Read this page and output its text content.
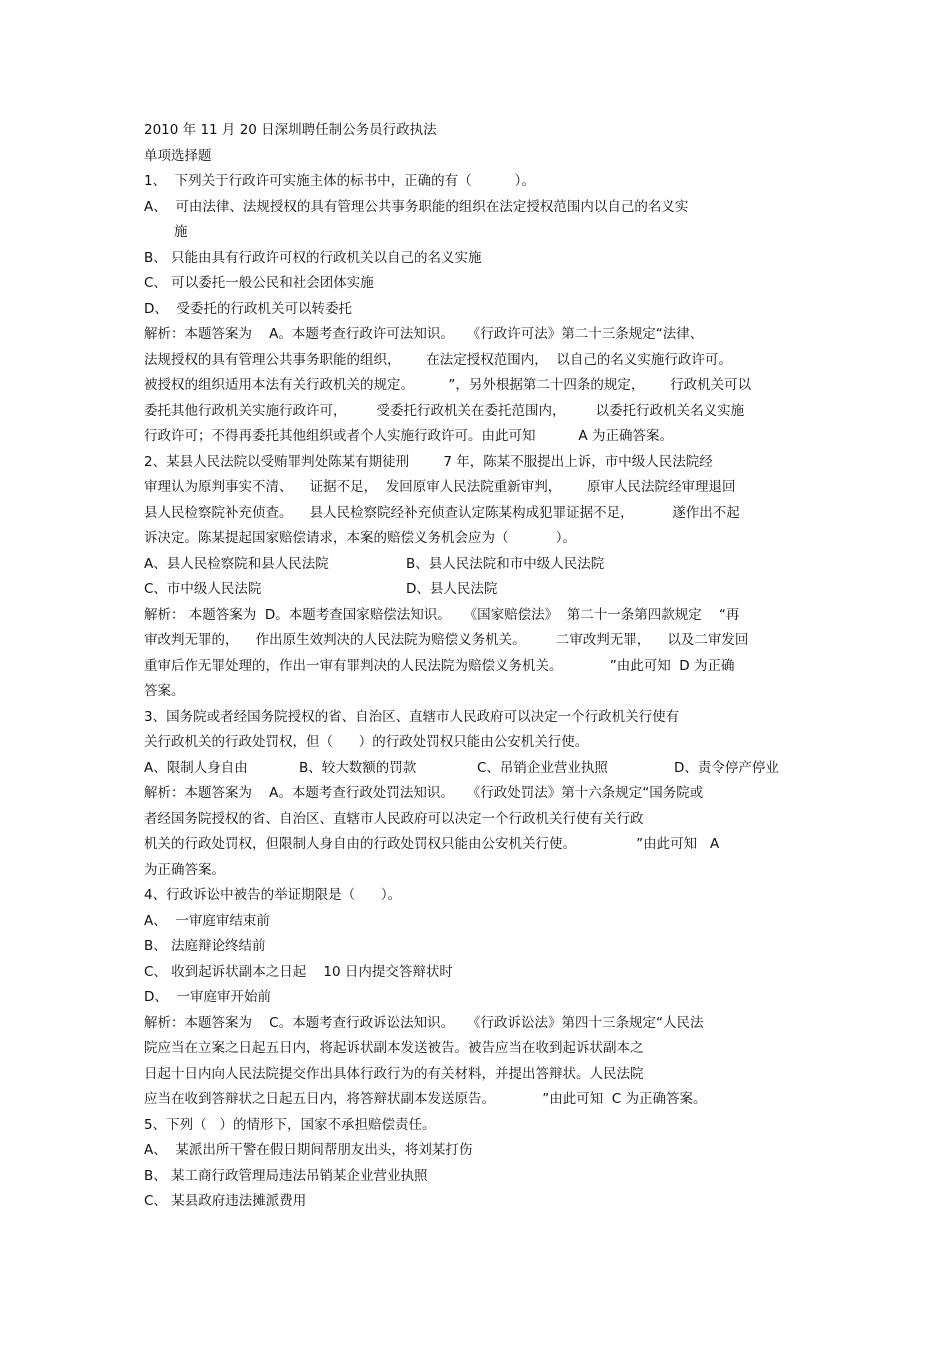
2010 年 11 月 20 日深圳聘任制公务员行政执法

单项选择题
1、  下列关于行政许可实施主体的标书中，正确的有（          ）。
A、  可由法律、法规授权的具有管理公共事务职能的组织在法定授权范围内以自己的名义实
施
B、 只能由具有行政许可权的行政机关以自己的名义实施
C、 可以委托一般公民和社会团体实施
D、  受委托的行政机关可以转委托
解析：本题答案为    A。本题考查行政许可法知识。   《行政许可法》第二十三条规定“法律、
法规授权的具有管理公共事务职能的组织，      在法定授权范围内，  以自己的名义实施行政许可。
被授权的组织适用本法有关行政机关的规定。        ”，另外根据第二十四条的规定，      行政机关可以
委托其他行政机关实施行政许可，       受委托行政机关在委托范围内，       以委托行政机关名义实施
行政许可；不得再委托其他组织或者个人实施行政许可。由此可知          A 为正确答案。
2、某县人民法院以受贿罪判处陈某有期徒刑        7 年，陈某不服提出上诉，市中级人民法院经
审理认为原判事实不清、    证据不足，  发回原审人民法院重新审判，      原审人民法院经审理退回
县人民检察院补充侦查。    县人民检察院经补充侦查认定陈某构成犯罪证据不足，         遂作出不起
诉决定。陈某提起国家赔偿请求，本案的赔偿义务机会应为（           ）。
A、县人民检察院和县人民法院	B、县人民法院和市中级人民法院
C、市中级人民法院	D、县人民法院
解析： 本题答案为  D。本题考查国家赔偿法知识。   《国家赔偿法》  第二十一条第四款规定    “再
审改判无罪的，    作出原生效判决的人民法院为赔偿义务机关。       二审改判无罪，    以及二审发回
重审后作无罪处理的，作出一审有罪判决的人民法院为赔偿义务机关。           ”由此可知  D 为正确
答案。
3、国务院或者经国务院授权的省、自治区、直辖市人民政府可以决定一个行政机关行使有
关行政机关的行政处罚权，但（      ）的行政处罚权只能由公安机关行使。
A、限制人身自由	B、较大数额的罚款	C、吊销企业营业执照	D、责令停产停业
解析：本题答案为    A。本题考查行政处罚法知识。   《行政处罚法》第十六条规定“国务院或
者经国务院授权的省、自治区、直辖市人民政府可以决定一个行政机关行使有关行政
机关的行政处罚权，但限制人身自由的行政处罚权只能由公安机关行使。              ”由此可知   A
为正确答案。
4、行政诉讼中被告的举证期限是（      ）。
A、  一审庭审结束前
B、 法庭辩论终结前
C、 收到起诉状副本之日起    10 日内提交答辩状时
D、  一审庭审开始前
解析：本题答案为    C。本题考查行政诉讼法知识。   《行政诉讼法》第四十三条规定“人民法
院应当在立案之日起五日内，将起诉状副本发送被告。被告应当在收到起诉状副本之
日起十日内向人民法院提交作出具体行政行为的有关材料，并提出答辩状。人民法院
应当在收到答辩状之日起五日内，将答辩状副本发送原告。           ”由此可知  C 为正确答案。
5、下列（   ）的情形下，国家不承担赔偿责任。
A、  某派出所干警在假日期间帮朋友出头，将刘某打伤
B、 某工商行政管理局违法吊销某企业营业执照
C、 某县政府违法摊派费用
